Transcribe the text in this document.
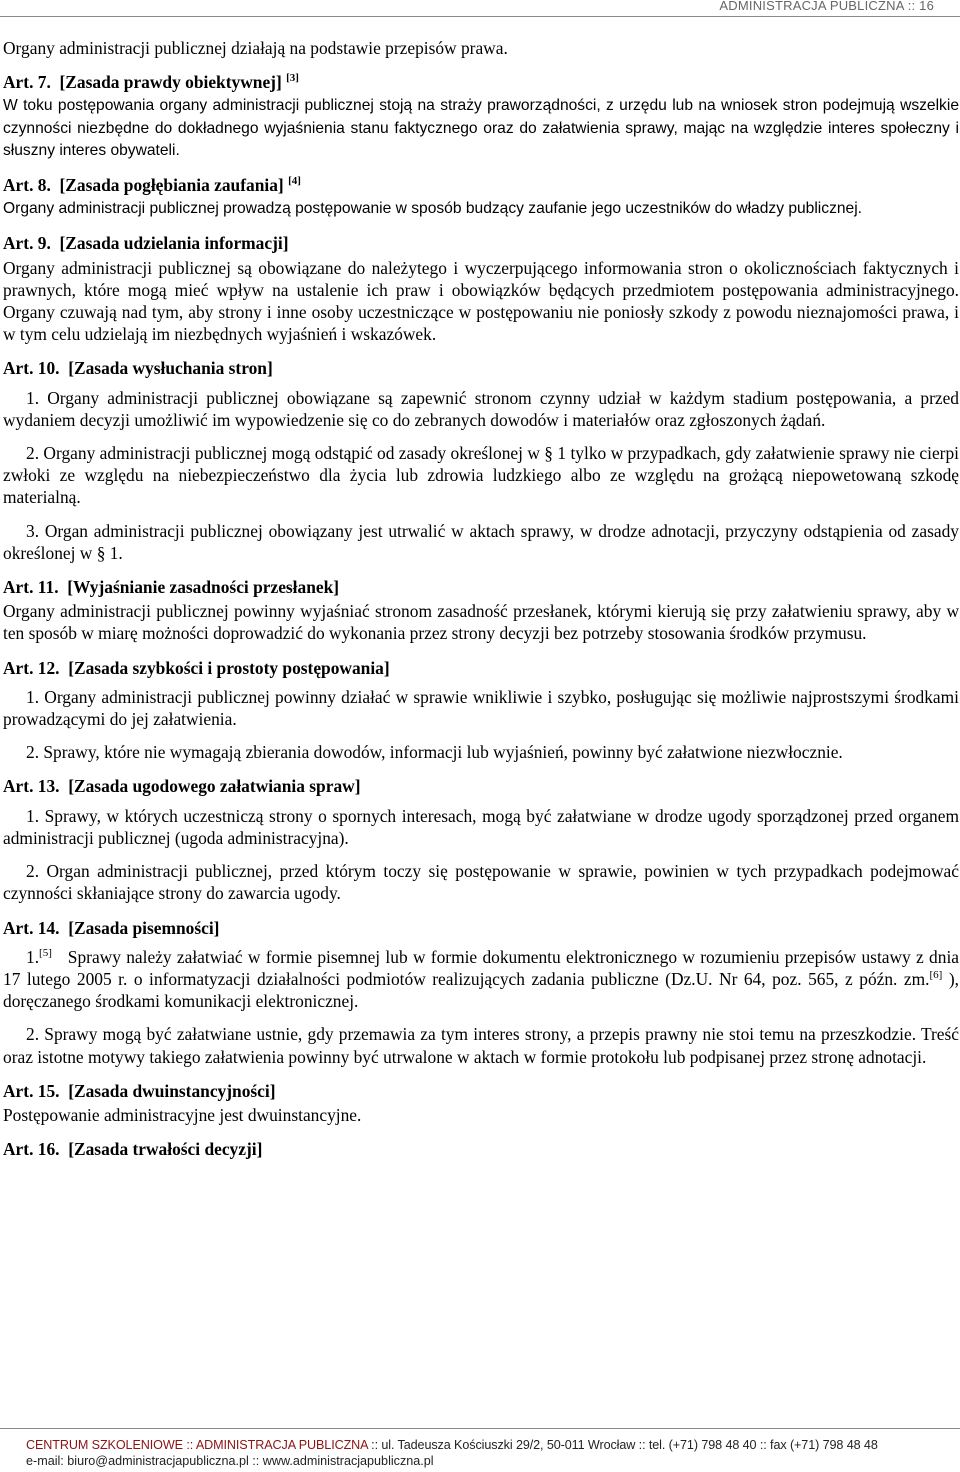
ADMINISTRACJA PUBLICZNA :: 16

Organy administracji publicznej działają na podstawie przepisów prawa.

Art. 7. [Zasada prawdy obiektywnej] [3]

W toku postępowania organy administracji publicznej stoją na straży praworządności, z urzędu lub na wniosek stron podejmują wszelkie czynności niezbędne do dokładnego wyjaśnienia stanu faktycznego oraz do załatwienia sprawy, mając na względzie interes społeczny i słuszny interes obywateli.

Art. 8. [Zasada pogłębiania zaufania] [4]

Organy administracji publicznej prowadzą postępowanie w sposób budzący zaufanie jego uczestników do władzy publicznej.

Art. 9. [Zasada udzielania informacji]

Organy administracji publicznej są obowiązane do należytego i wyczerpującego informowania stron o okolicznościach faktycznych i prawnych, które mogą mieć wpływ na ustalenie ich praw i obowiązków będących przedmiotem postępowania administracyjnego. Organy czuwają nad tym, aby strony i inne osoby uczestniczące w postępowaniu nie poniosły szkody z powodu nieznajomości prawa, i w tym celu udzielają im niezbędnych wyjaśnień i wskazówek.

Art. 10. [Zasada wysłuchania stron]

1. Organy administracji publicznej obowiązane są zapewnić stronom czynny udział w każdym stadium postępowania, a przed wydaniem decyzji umożliwić im wypowiedzenie się co do zebranych dowodów i materiałów oraz zgłoszonych żądań.

2. Organy administracji publicznej mogą odstąpić od zasady określonej w § 1 tylko w przypadkach, gdy załatwienie sprawy nie cierpi zwłoki ze względu na niebezpieczeństwo dla życia lub zdrowia ludzkiego albo ze względu na grożącą niepowetowaną szkodę materialną.

3. Organ administracji publicznej obowiązany jest utrwalić w aktach sprawy, w drodze adnotacji, przyczyny odstąpienia od zasady określonej w § 1.

Art. 11. [Wyjaśnianie zasadności przesłanek]

Organy administracji publicznej powinny wyjaśniać stronom zasadność przesłanek, którymi kierują się przy załatwieniu sprawy, aby w ten sposób w miarę możności doprowadzić do wykonania przez strony decyzji bez potrzeby stosowania środków przymusu.

Art. 12. [Zasada szybkości i prostoty postępowania]

1. Organy administracji publicznej powinny działać w sprawie wnikliwie i szybko, posługując się możliwie najprostszymi środkami prowadzącymi do jej załatwienia.

2. Sprawy, które nie wymagają zbierania dowodów, informacji lub wyjaśnień, powinny być załatwione niezwłocznie.

Art. 13. [Zasada ugodowego załatwiania spraw]

1. Sprawy, w których uczestniczą strony o spornych interesach, mogą być załatwiane w drodze ugody sporządzonej przed organem administracji publicznej (ugoda administracyjna).

2. Organ administracji publicznej, przed którym toczy się postępowanie w sprawie, powinien w tych przypadkach podejmować czynności skłaniające strony do zawarcia ugody.

Art. 14. [Zasada pisemności]

1.[5] Sprawy należy załatwiać w formie pisemnej lub w formie dokumentu elektronicznego w rozumieniu przepisów ustawy z dnia 17 lutego 2005 r. o informatyzacji działalności podmiotów realizujących zadania publiczne (Dz.U. Nr 64, poz. 565, z późn. zm.[6] ), doręczanego środkami komunikacji elektronicznej.

2. Sprawy mogą być załatwiane ustnie, gdy przemawia za tym interes strony, a przepis prawny nie stoi temu na przeszkodzie. Treść oraz istotne motywy takiego załatwienia powinny być utrwalone w aktach w formie protokołu lub podpisanej przez stronę adnotacji.

Art. 15. [Zasada dwuinstancyjności]

Postępowanie administracyjne jest dwuinstancyjne.

Art. 16. [Zasada trwałości decyzji]
CENTRUM SZKOLENIOWE :: ADMINISTRACJA PUBLICZNA :: ul. Tadeusza Kościuszki 29/2, 50-011 Wrocław :: tel. (+71) 798 48 40 :: fax (+71) 798 48 48
e-mail: biuro@administracjapubliczna.pl :: www.administracjapubliczna.pl
